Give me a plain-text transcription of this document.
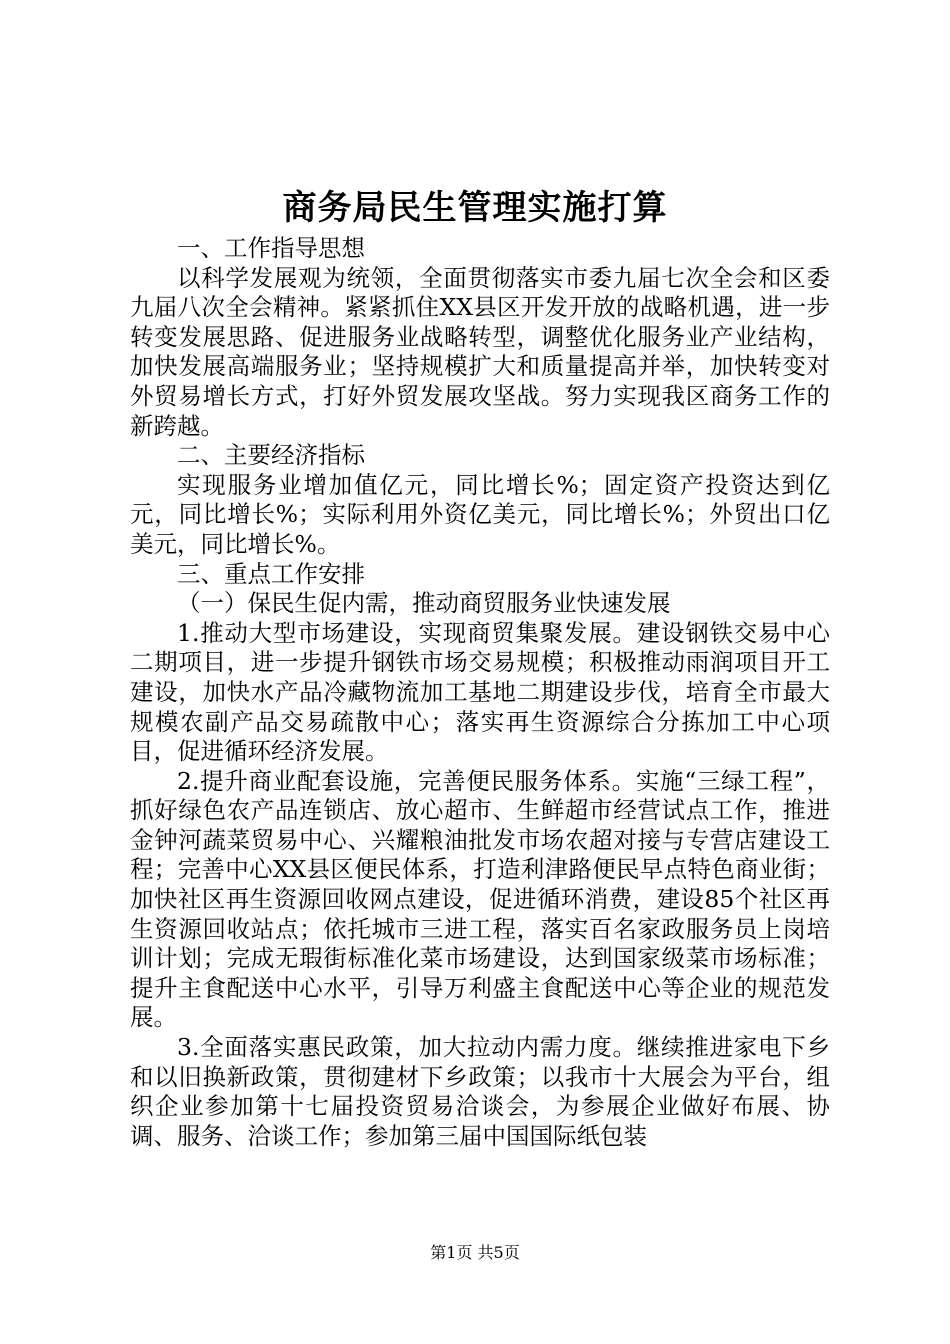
商务局民生管理实施打算

一、工作指导思想

以科学发展观为统领，全面贯彻落实市委九届七次全会和区委九届八次全会精神。紧紧抓住XX县区开发开放的战略机遇，进一步转变发展思路、促进服务业战略转型，调整优化服务业产业结构，加快发展高端服务业；坚持规模扩大和质量提高并举，加快转变对外贸易增长方式，打好外贸发展攻坚战。努力实现我区商务工作的新跨越。

二、主要经济指标

实现服务业增加值亿元，同比增长%；固定资产投资达到亿元，同比增长%；实际利用外资亿美元，同比增长%；外贸出口亿美元，同比增长%。

三、重点工作安排

（一）保民生促内需，推动商贸服务业快速发展

1.推动大型市场建设，实现商贸集聚发展。建设钢铁交易中心二期项目，进一步提升钢铁市场交易规模；积极推动雨润项目开工建设，加快水产品冷藏物流加工基地二期建设步伐，培育全市最大规模农副产品交易疏散中心；落实再生资源综合分拣加工中心项目，促进循环经济发展。

2.提升商业配套设施，完善便民服务体系。实施“三绿工程”，抓好绿色农产品连锁店、放心超市、生鲜超市经营试点工作，推进金钟河蔬菜贸易中心、兴耀粮油批发市场农超对接与专营店建设工程；完善中心XX县区便民体系，打造利津路便民早点特色商业街；加快社区再生资源回收网点建设，促进循环消费，建设85个社区再生资源回收站点；依托城市三进工程，落实百名家政服务员上岗培训计划；完成无瑕街标准化菜市场建设，达到国家级菜市场标准；提升主食配送中心水平，引导万利盛主食配送中心等企业的规范发展。

3.全面落实惠民政策，加大拉动内需力度。继续推进家电下乡和以旧换新政策，贯彻建材下乡政策；以我市十大展会为平台，组织企业参加第十七届投资贸易洽谈会，为参展企业做好布展、协调、服务、洽谈工作；参加第三届中国国际纸包装

第1页 共5页
